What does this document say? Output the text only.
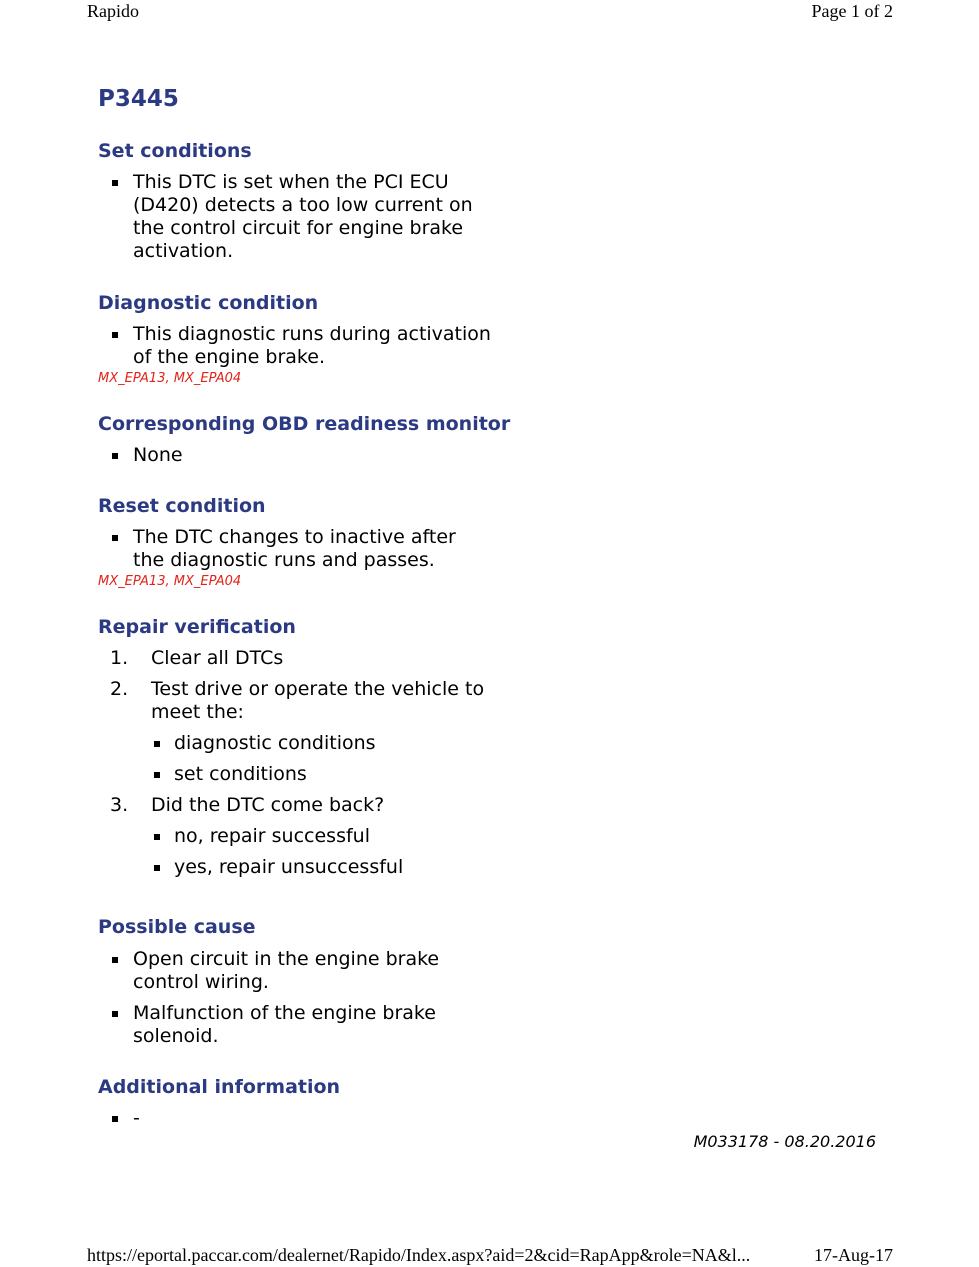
Rapido	Page 1 of 2
P3445
Set conditions
This DTC is set when the PCI ECU (D420) detects a too low current on the control circuit for engine brake activation.
Diagnostic condition
This diagnostic runs during activation of the engine brake.
MX_EPA13, MX_EPA04
Corresponding OBD readiness monitor
None
Reset condition
The DTC changes to inactive after the diagnostic runs and passes.
MX_EPA13, MX_EPA04
Repair verification
1. Clear all DTCs
2. Test drive or operate the vehicle to meet the:
diagnostic conditions
set conditions
3. Did the DTC come back?
no, repair successful
yes, repair unsuccessful
Possible cause
Open circuit in the engine brake control wiring.
Malfunction of the engine brake solenoid.
Additional information
-
M033178 - 08.20.2016
https://eportal.paccar.com/dealernet/Rapido/Index.aspx?aid=2&cid=RapApp&role=NA&l...	17-Aug-17
